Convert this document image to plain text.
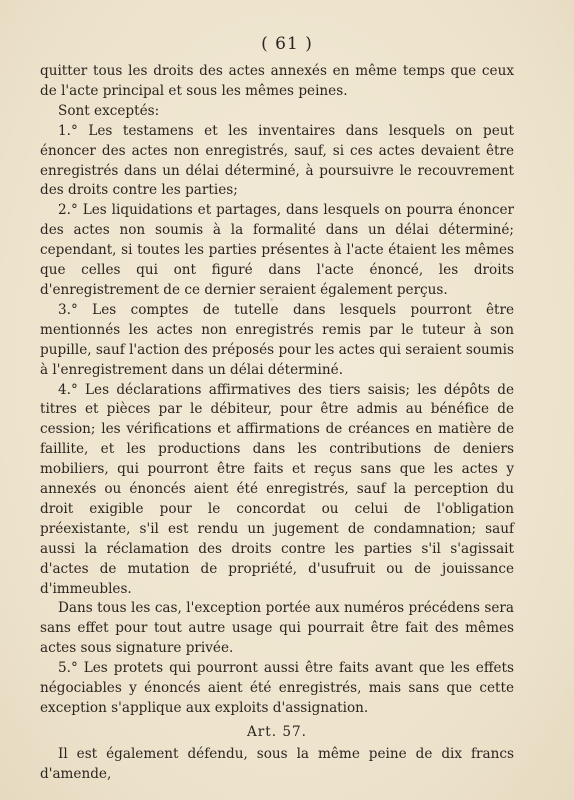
( 61 )

quitter tous les droits des actes annexés en même temps que ceux de l'acte principal et sous les mêmes peines.

Sont exceptés:

1.° Les testamens et les inventaires dans lesquels on peut énoncer des actes non enregistrés, sauf, si ces actes devaient être enregistrés dans un délai déterminé, à poursuivre le recouvrement des droits contre les parties;

2.° Les liquidations et partages, dans lesquels on pourra énoncer des actes non soumis à la formalité dans un délai déterminé; cependant, si toutes les parties présentes à l'acte étaient les mêmes que celles qui ont figuré dans l'acte énoncé, les droits d'enregistrement de ce dernier seraient également perçus.

3.° Les comptes de tutelle dans lesquels pourront être mentionnés les actes non enregistrés remis par le tuteur à son pupille, sauf l'action des préposés pour les actes qui seraient soumis à l'enregistrement dans un délai déterminé.

4.° Les déclarations affirmatives des tiers saisis; les dépôts de titres et pièces par le débiteur, pour être admis au bénéfice de cession; les vérifications et affirmations de créances en matière de faillite, et les productions dans les contributions de deniers mobiliers, qui pourront être faits et reçus sans que les actes y annexés ou énoncés aient été enregistrés, sauf la perception du droit exigible pour le concordat ou celui de l'obligation préexistante, s'il est rendu un jugement de condamnation; sauf aussi la réclamation des droits contre les parties s'il s'agissait d'actes de mutation de propriété, d'usufruit ou de jouissance d'immeubles.

Dans tous les cas, l'exception portée aux numéros précédens sera sans effet pour tout autre usage qui pourrait être fait des mêmes actes sous signature privée.

5.° Les protets qui pourront aussi être faits avant que les effets négociables y énoncés aient été enregistrés, mais sans que cette exception s'applique aux exploits d'assignation.

Art. 57.

Il est également défendu, sous la même peine de dix francs d'amende,
